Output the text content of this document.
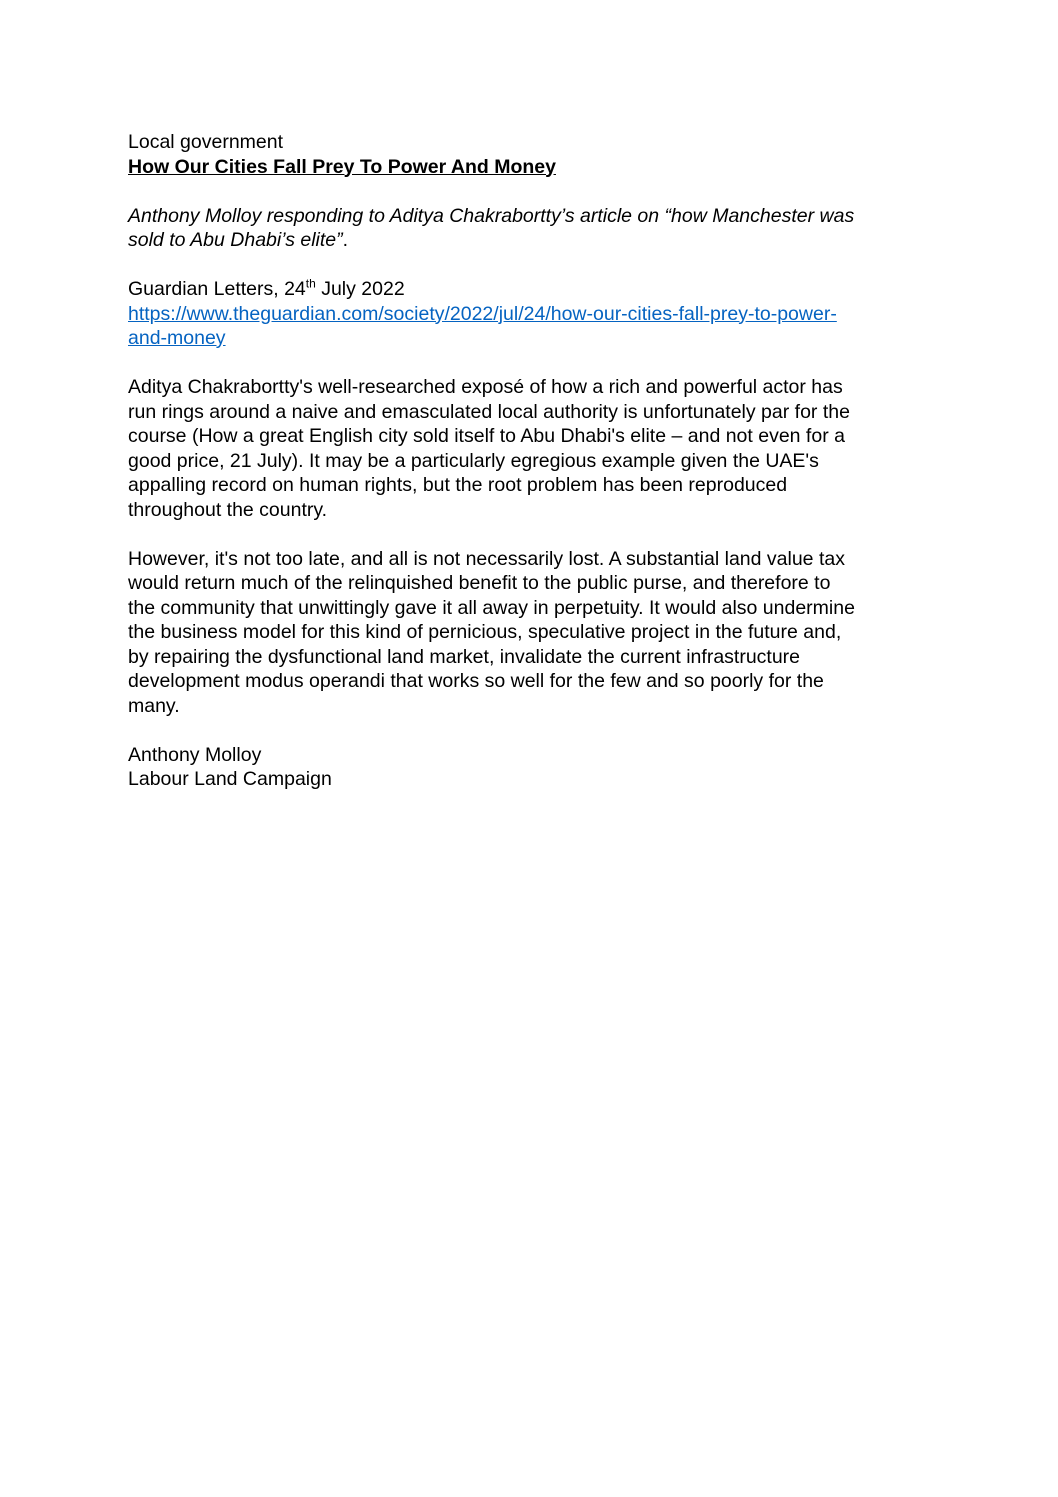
Local government
How Our Cities Fall Prey To Power And Money
Anthony Molloy responding to Aditya Chakrabortty’s article on “how Manchester was
sold to Abu Dhabi’s elite”.
Guardian Letters, 24th July 2022
https://www.theguardian.com/society/2022/jul/24/how-our-cities-fall-prey-to-power-
and-money
Aditya Chakrabortty's well-researched exposé of how a rich and powerful actor has
run rings around a naive and emasculated local authority is unfortunately par for the
course (How a great English city sold itself to Abu Dhabi's elite – and not even for a
good price, 21 July). It may be a particularly egregious example given the UAE's
appalling record on human rights, but the root problem has been reproduced
throughout the country.
However, it's not too late, and all is not necessarily lost. A substantial land value tax
would return much of the relinquished benefit to the public purse, and therefore to
the community that unwittingly gave it all away in perpetuity. It would also undermine
the business model for this kind of pernicious, speculative project in the future and,
by repairing the dysfunctional land market, invalidate the current infrastructure
development modus operandi that works so well for the few and so poorly for the
many.
Anthony Molloy
Labour Land Campaign
